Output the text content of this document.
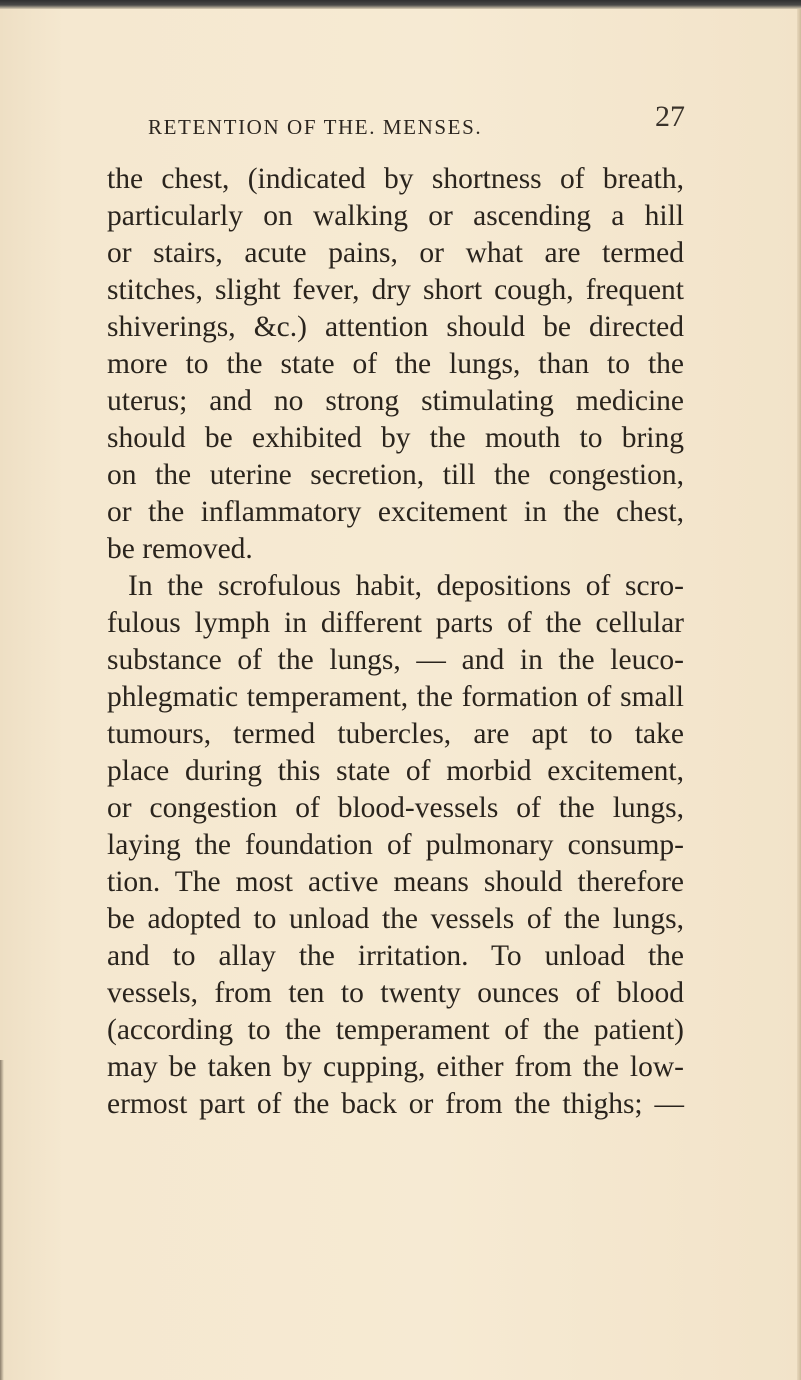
RETENTION OF THE. MENSES.	27
the chest, (indicated by shortness of breath,
particularly on walking or ascending a hill
or stairs, acute pains, or what are termed
stitches, slight fever, dry short cough, frequent
shiverings, &c.) attention should be directed
more to the state of the lungs, than to the
uterus; and no strong stimulating medicine
should be exhibited by the mouth to bring
on the uterine secretion, till the congestion,
or the inflammatory excitement in the chest,
be removed.
In the scrofulous habit, depositions of scro-
fulous lymph in different parts of the cellular
substance of the lungs, — and in the leuco-
phlegmatic temperament, the formation of small
tumours, termed tubercles, are apt to take
place during this state of morbid excitement,
or congestion of blood-vessels of the lungs,
laying the foundation of pulmonary consump-
tion. The most active means should therefore
be adopted to unload the vessels of the lungs,
and to allay the irritation. To unload the
vessels, from ten to twenty ounces of blood
(according to the temperament of the patient)
may be taken by cupping, either from the low-
ermost part of the back or from the thighs; —
